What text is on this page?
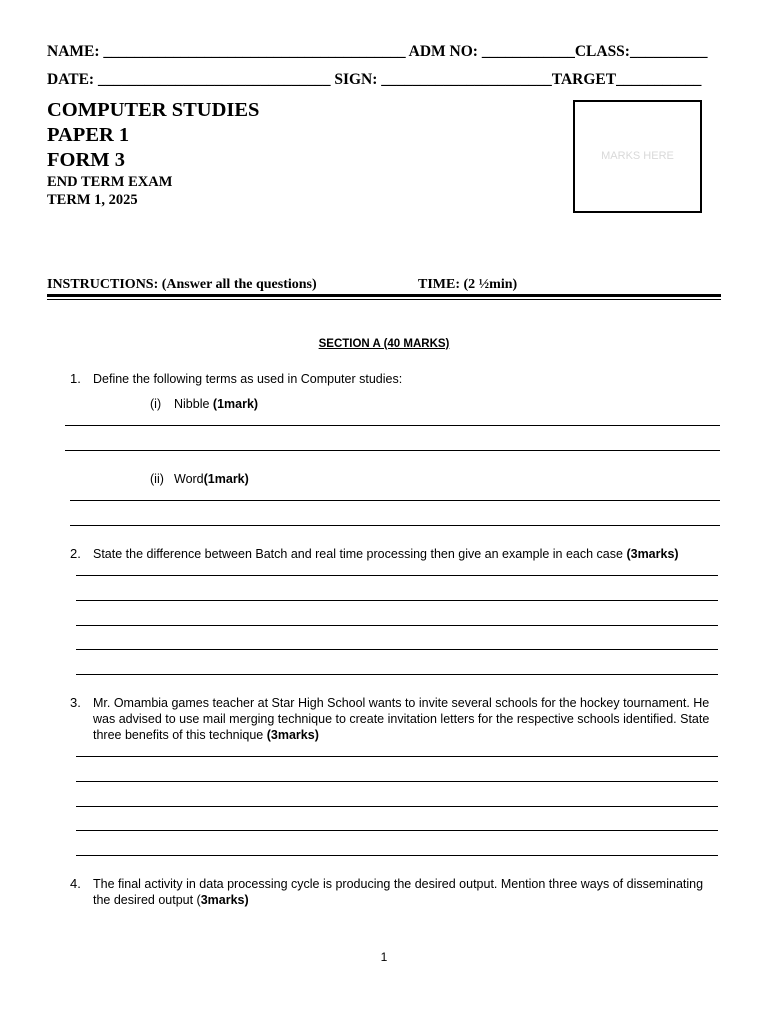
NAME: _______________________________________ ADM NO: ____________CLASS:__________
DATE: ______________________________ SIGN: ______________________TARGET___________
COMPUTER STUDIES
PAPER 1
FORM 3
END TERM EXAM
TERM 1, 2025
MARKS HERE
INSTRUCTIONS: (Answer all the questions)	TIME: (2 ½min)
SECTION A (40 MARKS)
1. Define the following terms as used in Computer studies:
(i) Nibble (1mark)
(ii) Word(1mark)
2. State the difference between Batch and real time processing then give an example in each case (3marks)
3. Mr. Omambia games teacher at Star High School wants to invite several schools for the hockey tournament. He was advised to use mail merging technique to create invitation letters for the respective schools identified. State three benefits of this technique (3marks)
4. The final activity in data processing cycle is producing the desired output. Mention three ways of disseminating the desired output (3marks)
1
